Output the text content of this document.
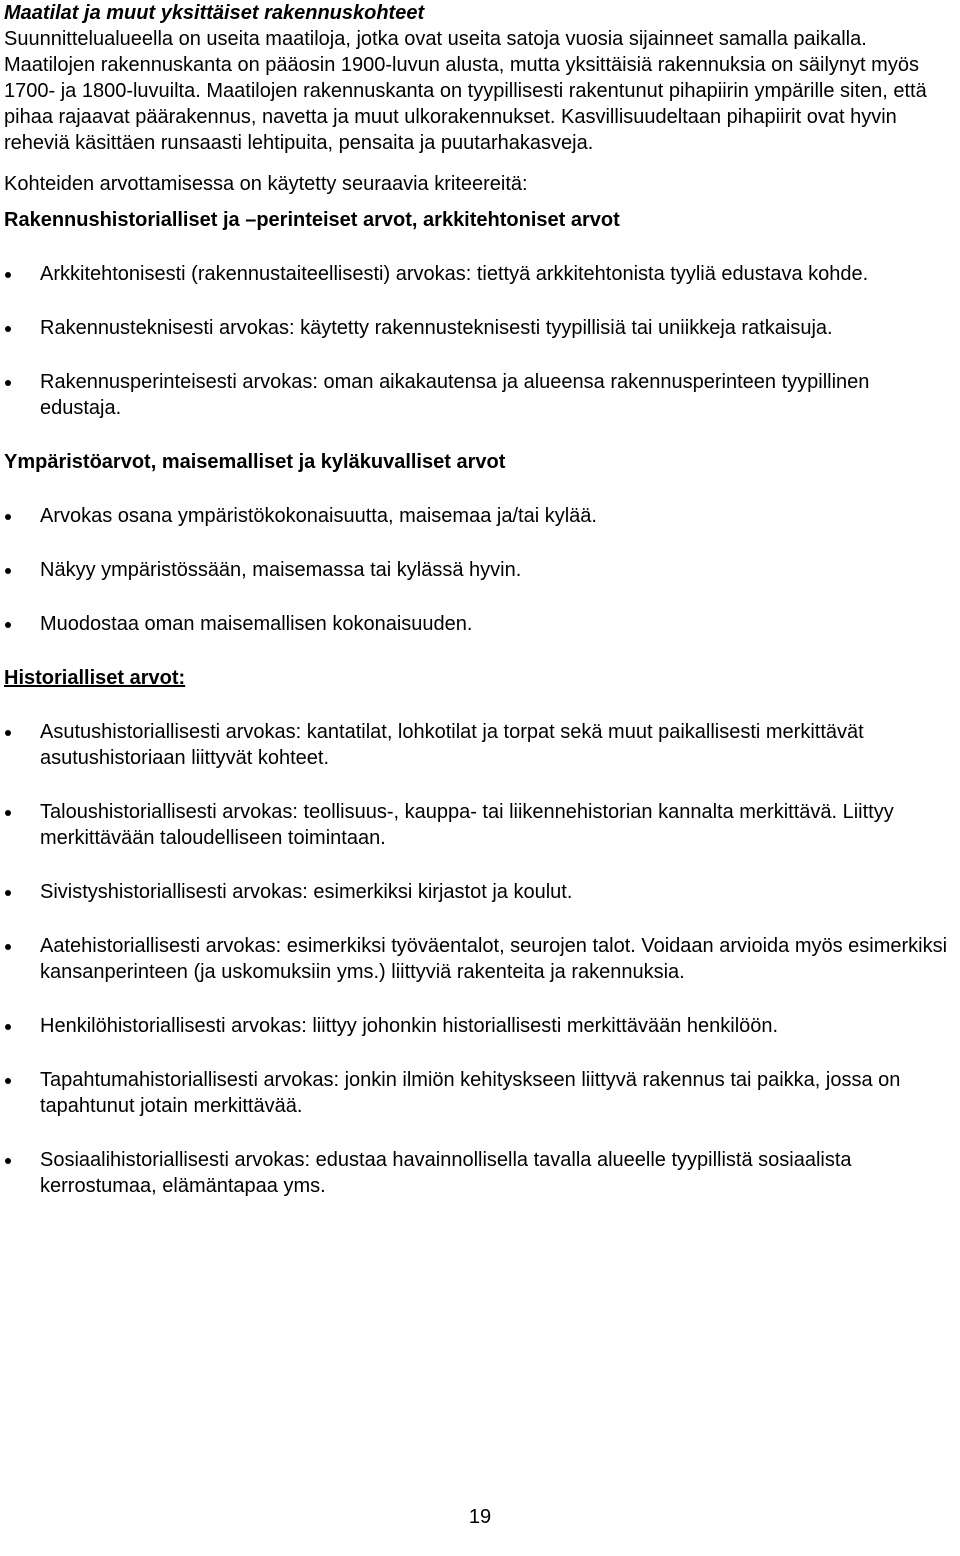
Maatilat ja muut yksittäiset rakennuskohteet

Suunnittelualueella on useita maatiloja, jotka ovat useita satoja vuosia sijainneet samalla paikalla. Maatilojen rakennuskanta on pääosin 1900-luvun alusta, mutta yksittäisiä rakennuksia on säilynyt myös 1700- ja 1800-luvuilta. Maatilojen rakennuskanta on tyypillisesti rakentunut pihapiirin ympärille siten, että pihaa rajaavat päärakennus, navetta ja muut ulkorakennukset. Kasvillisuudeltaan pihapiirit ovat hyvin reheviä käsittäen runsaasti lehtipuita, pensaita ja puutarhakasveja.

Kohteiden arvottamisessa on käytetty seuraavia kriteereitä:

Rakennushistorialliset ja –perinteiset arvot, arkkitehtoniset arvot

Arkkitehtonisesti (rakennustaiteellisesti) arvokas: tiettyä arkkitehtonista tyyliä edustava kohde.
Rakennusteknisesti arvokas: käytetty rakennusteknisesti tyypillisiä tai uniikkeja ratkaisuja.
Rakennusperinteisesti arvokas: oman aikakautensa ja alueensa rakennusperinteen tyypillinen edustaja.

Ympäristöarvot, maisemalliset ja kyläkuvalliset arvot

Arvokas osana ympäristökokonaisuutta, maisemaa ja/tai kylää.
Näkyy ympäristössään, maisemassa tai kylässä hyvin.
Muodostaa oman maisemallisen kokonaisuuden.

Historialliset arvot:

Asutushistoriallisesti arvokas: kantatilat, lohkotilat ja torpat sekä muut paikallisesti merkittävät asutushistoriaan liittyvät kohteet.
Taloushistoriallisesti arvokas: teollisuus-, kauppa- tai liikennehistorian kannalta merkittävä. Liittyy merkittävään taloudelliseen toimintaan.
Sivistyshistoriallisesti arvokas: esimerkiksi kirjastot ja koulut.
Aatehistoriallisesti arvokas: esimerkiksi työväentalot, seurojen talot. Voidaan arvioida myös esimerkiksi kansanperinteen (ja uskomuksiin yms.) liittyviä rakenteita ja rakennuksia.
Henkilöhistoriallisesti arvokas: liittyy johonkin historiallisesti merkittävään henkilöön.
Tapahtumahistoriallisesti arvokas: jonkin ilmiön kehityskseen liittyvä rakennus tai paikka, jossa on tapahtunut jotain merkittävää.
Sosiaalihistoriallisesti arvokas: edustaa havainnollisella tavalla alueelle tyypillistä sosiaalista kerrostumaa, elämäntapaa yms.
19
